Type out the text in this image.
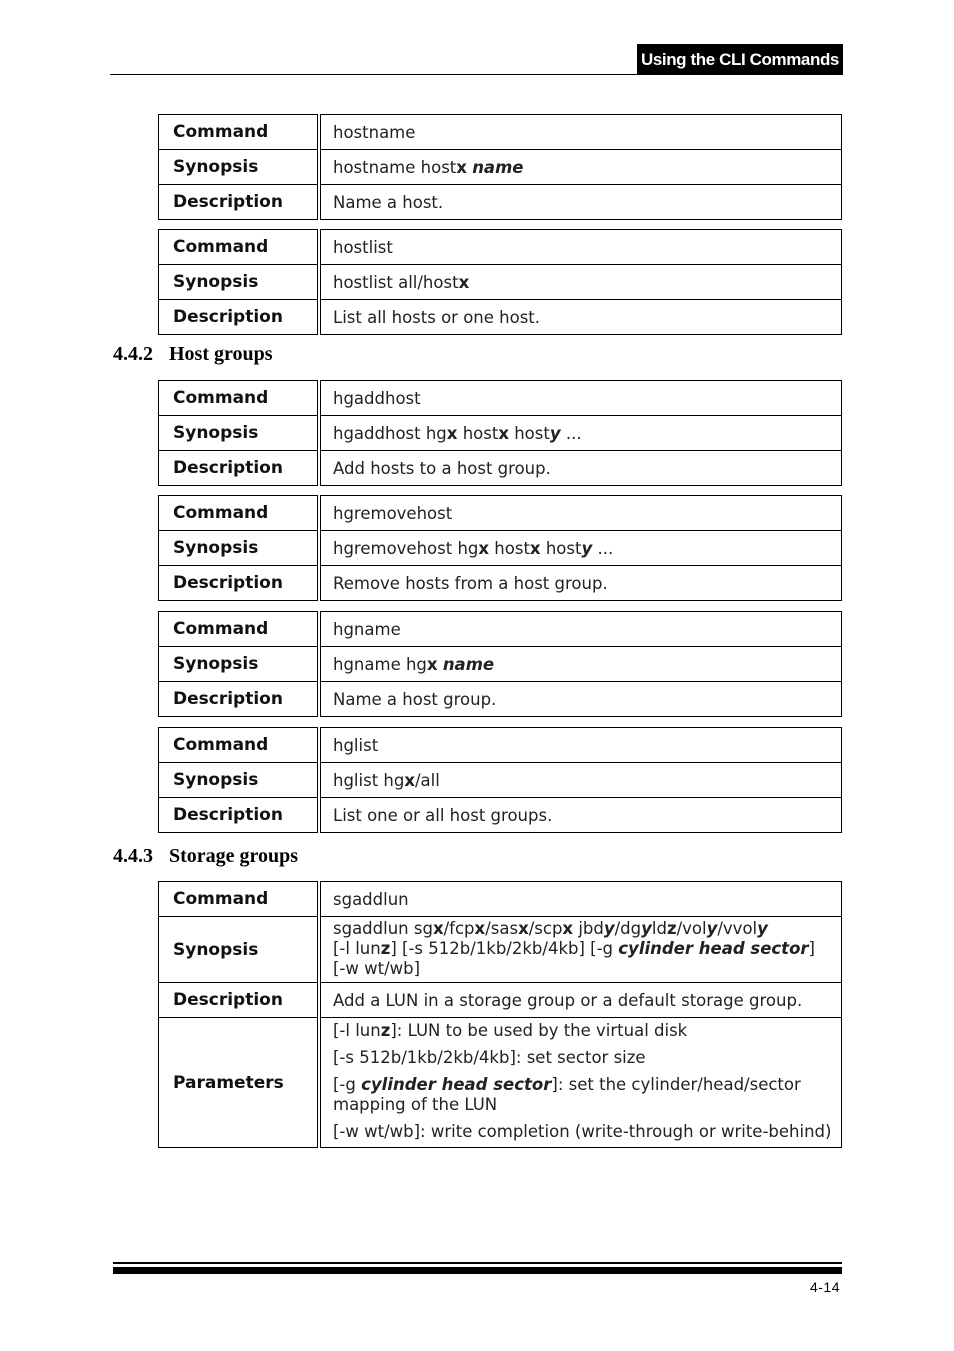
Using the CLI Commands
Command	hostname
Synopsis	hostname hostx name
Description	Name a host.
Command	hostlist
Synopsis	hostlist all/hostx
Description	List all hosts or one host.
4.4.2 Host groups
Command	hgaddhost
Synopsis	hgaddhost hgx hostx hosty ...
Description	Add hosts to a host group.
Command	hgremovehost
Synopsis	hgremovehost hgx hostx hosty ...
Description	Remove hosts from a host group.
Command	hgname
Synopsis	hgname hgx name
Description	Name a host group.
Command	hglist
Synopsis	hglist hgx/all
Description	List one or all host groups.
4.4.3 Storage groups
Command	sgaddlun
Synopsis	sgaddlun sgx/fcpx/sasx/scpx jbdy/dgyldz/voly/vvoly
[-l lunz] [-s 512b/1kb/2kb/4kb] [-g cylinder head sector]
[-w wt/wb]

Description	Add a LUN in a storage group or a default storage group.
Parameters	[-l lunz]: LUN to be used by the virtual disk
[-s 512b/1kb/2kb/4kb]: set sector size
[-g cylinder head sector]: set the cylinder/head/sector mapping of the LUN
[-w wt/wb]: write completion (write-through or write-behind)
4-14
